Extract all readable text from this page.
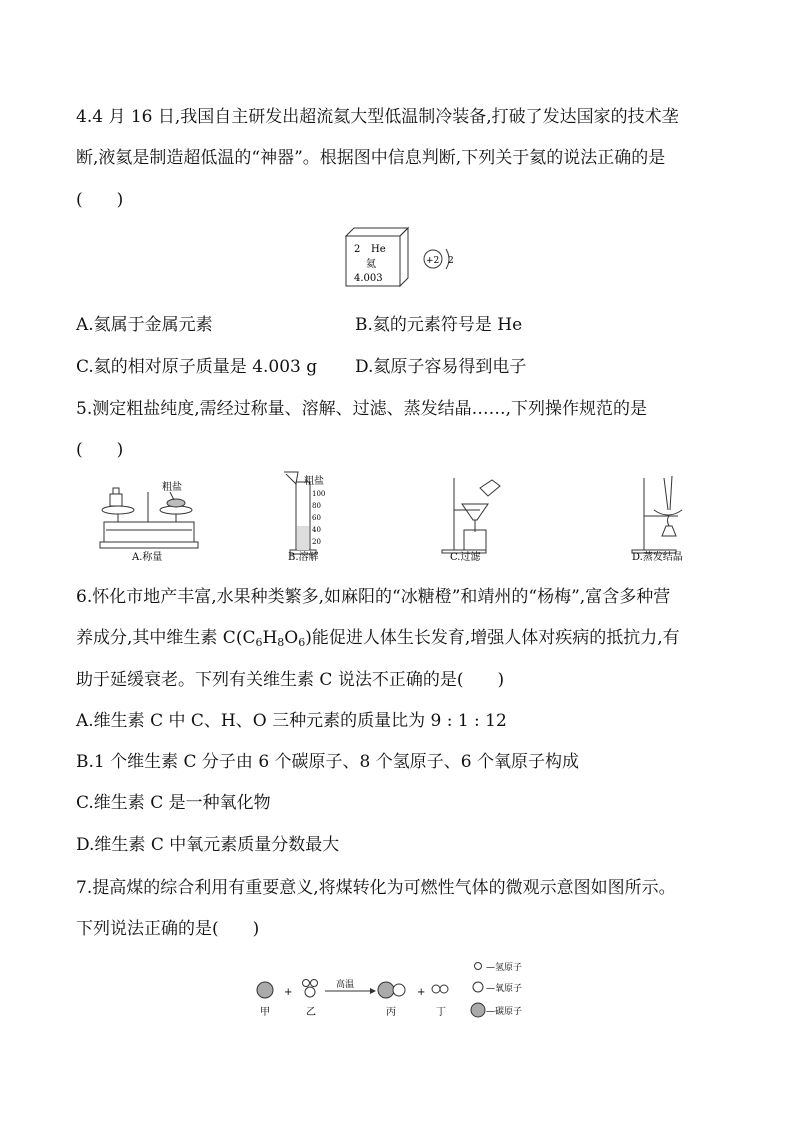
4.4 月 16 日,我国自主研发出超流氦大型低温制冷装备,打破了发达国家的技术垄
断,液氦是制造超低温的“神器”。根据图中信息判断,下列关于氦的说法正确的是
(　　)
2 He
氦
4.003
+2 2
A.氦属于金属元素	B.氦的元素符号是 He
C.氦的相对原子质量是 4.003 g D.氦原子容易得到电子
5.测定粗盐纯度,需经过称量、溶解、过滤、蒸发结晶……,下列操作规范的是
(　　)
粗盐
A.称量
粗盐
100
80
60
40
20
B.溶解	C.过滤	D.蒸发结晶
6.怀化市地产丰富,水果种类繁多,如麻阳的“冰糖橙”和靖州的“杨梅”,富含多种营
养成分,其中维生素 $C(C_6H_8O_6)$能促进人体生长发育,增强人体对疾病的抵抗力,有
助于延缓衰老。下列有关维生素 C 说法不正确的是(　　)
A.维生素 C 中 C、H、O 三种元素的质量比为 9 : 1 : 12
B.1 个维生素 C 分子由 6 个碳原子、8 个氢原子、6 个氧原子构成
C.维生素 C 是一种氧化物
D.维生素 C 中氧元素质量分数最大
7.提高煤的综合利用有重要意义,将煤转化为可燃性气体的微观示意图如图所示。
下列说法正确的是(　　)
甲
+
乙
高温
丙
+
丁
—氢原子
—氧原子
—碳原子
